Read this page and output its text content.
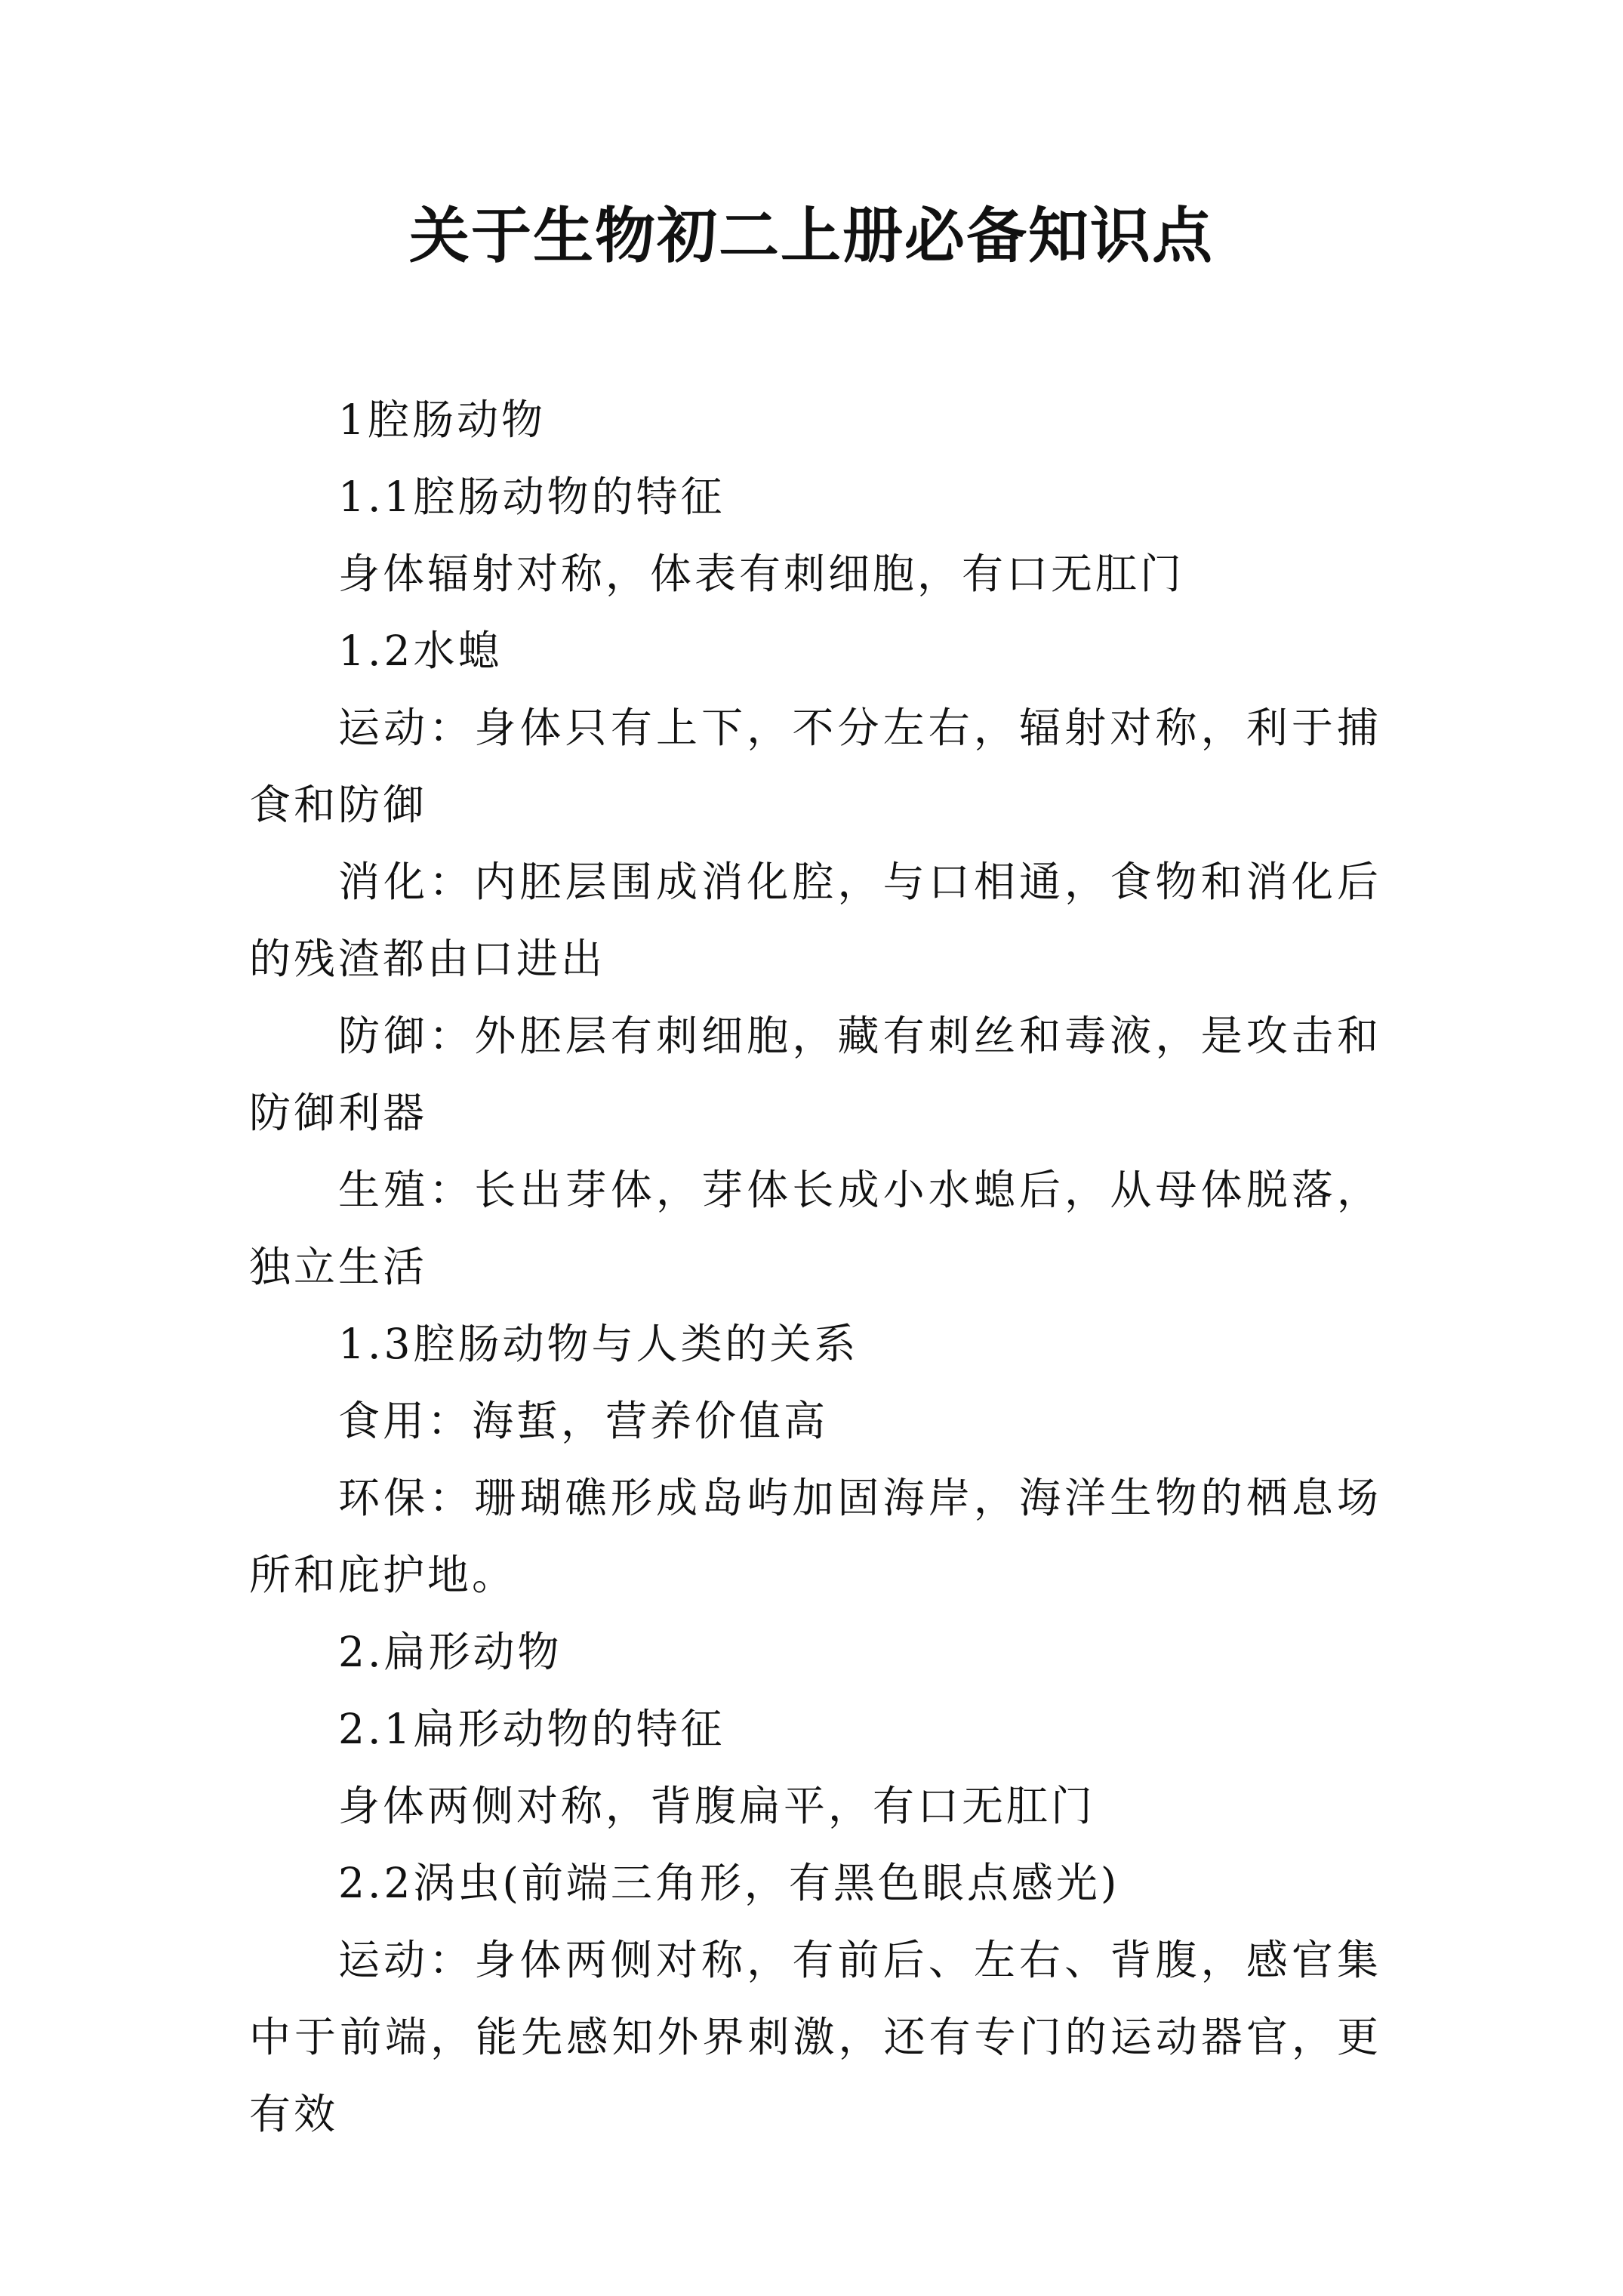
关于生物初二上册必备知识点

1腔肠动物

1.1腔肠动物的特征

身体辐射对称，体表有刺细胞，有口无肛门

1.2水螅

运动：身体只有上下，不分左右，辐射对称，利于捕食和防御

消化：内胚层围成消化腔，与口相通，食物和消化后的残渣都由口进出

防御：外胚层有刺细胞，藏有刺丝和毒液，是攻击和防御利器

生殖：长出芽体，芽体长成小水螅后，从母体脱落，独立生活

1.3腔肠动物与人类的关系

食用：海蜇，营养价值高

环保：珊瑚礁形成岛屿加固海岸，海洋生物的栖息场所和庇护地。

2.扁形动物

2.1扁形动物的特征

身体两侧对称，背腹扁平，有口无肛门

2.2涡虫(前端三角形，有黑色眼点感光)

运动：身体两侧对称，有前后、左右、背腹，感官集中于前端，能先感知外界刺激，还有专门的运动器官，更有效
